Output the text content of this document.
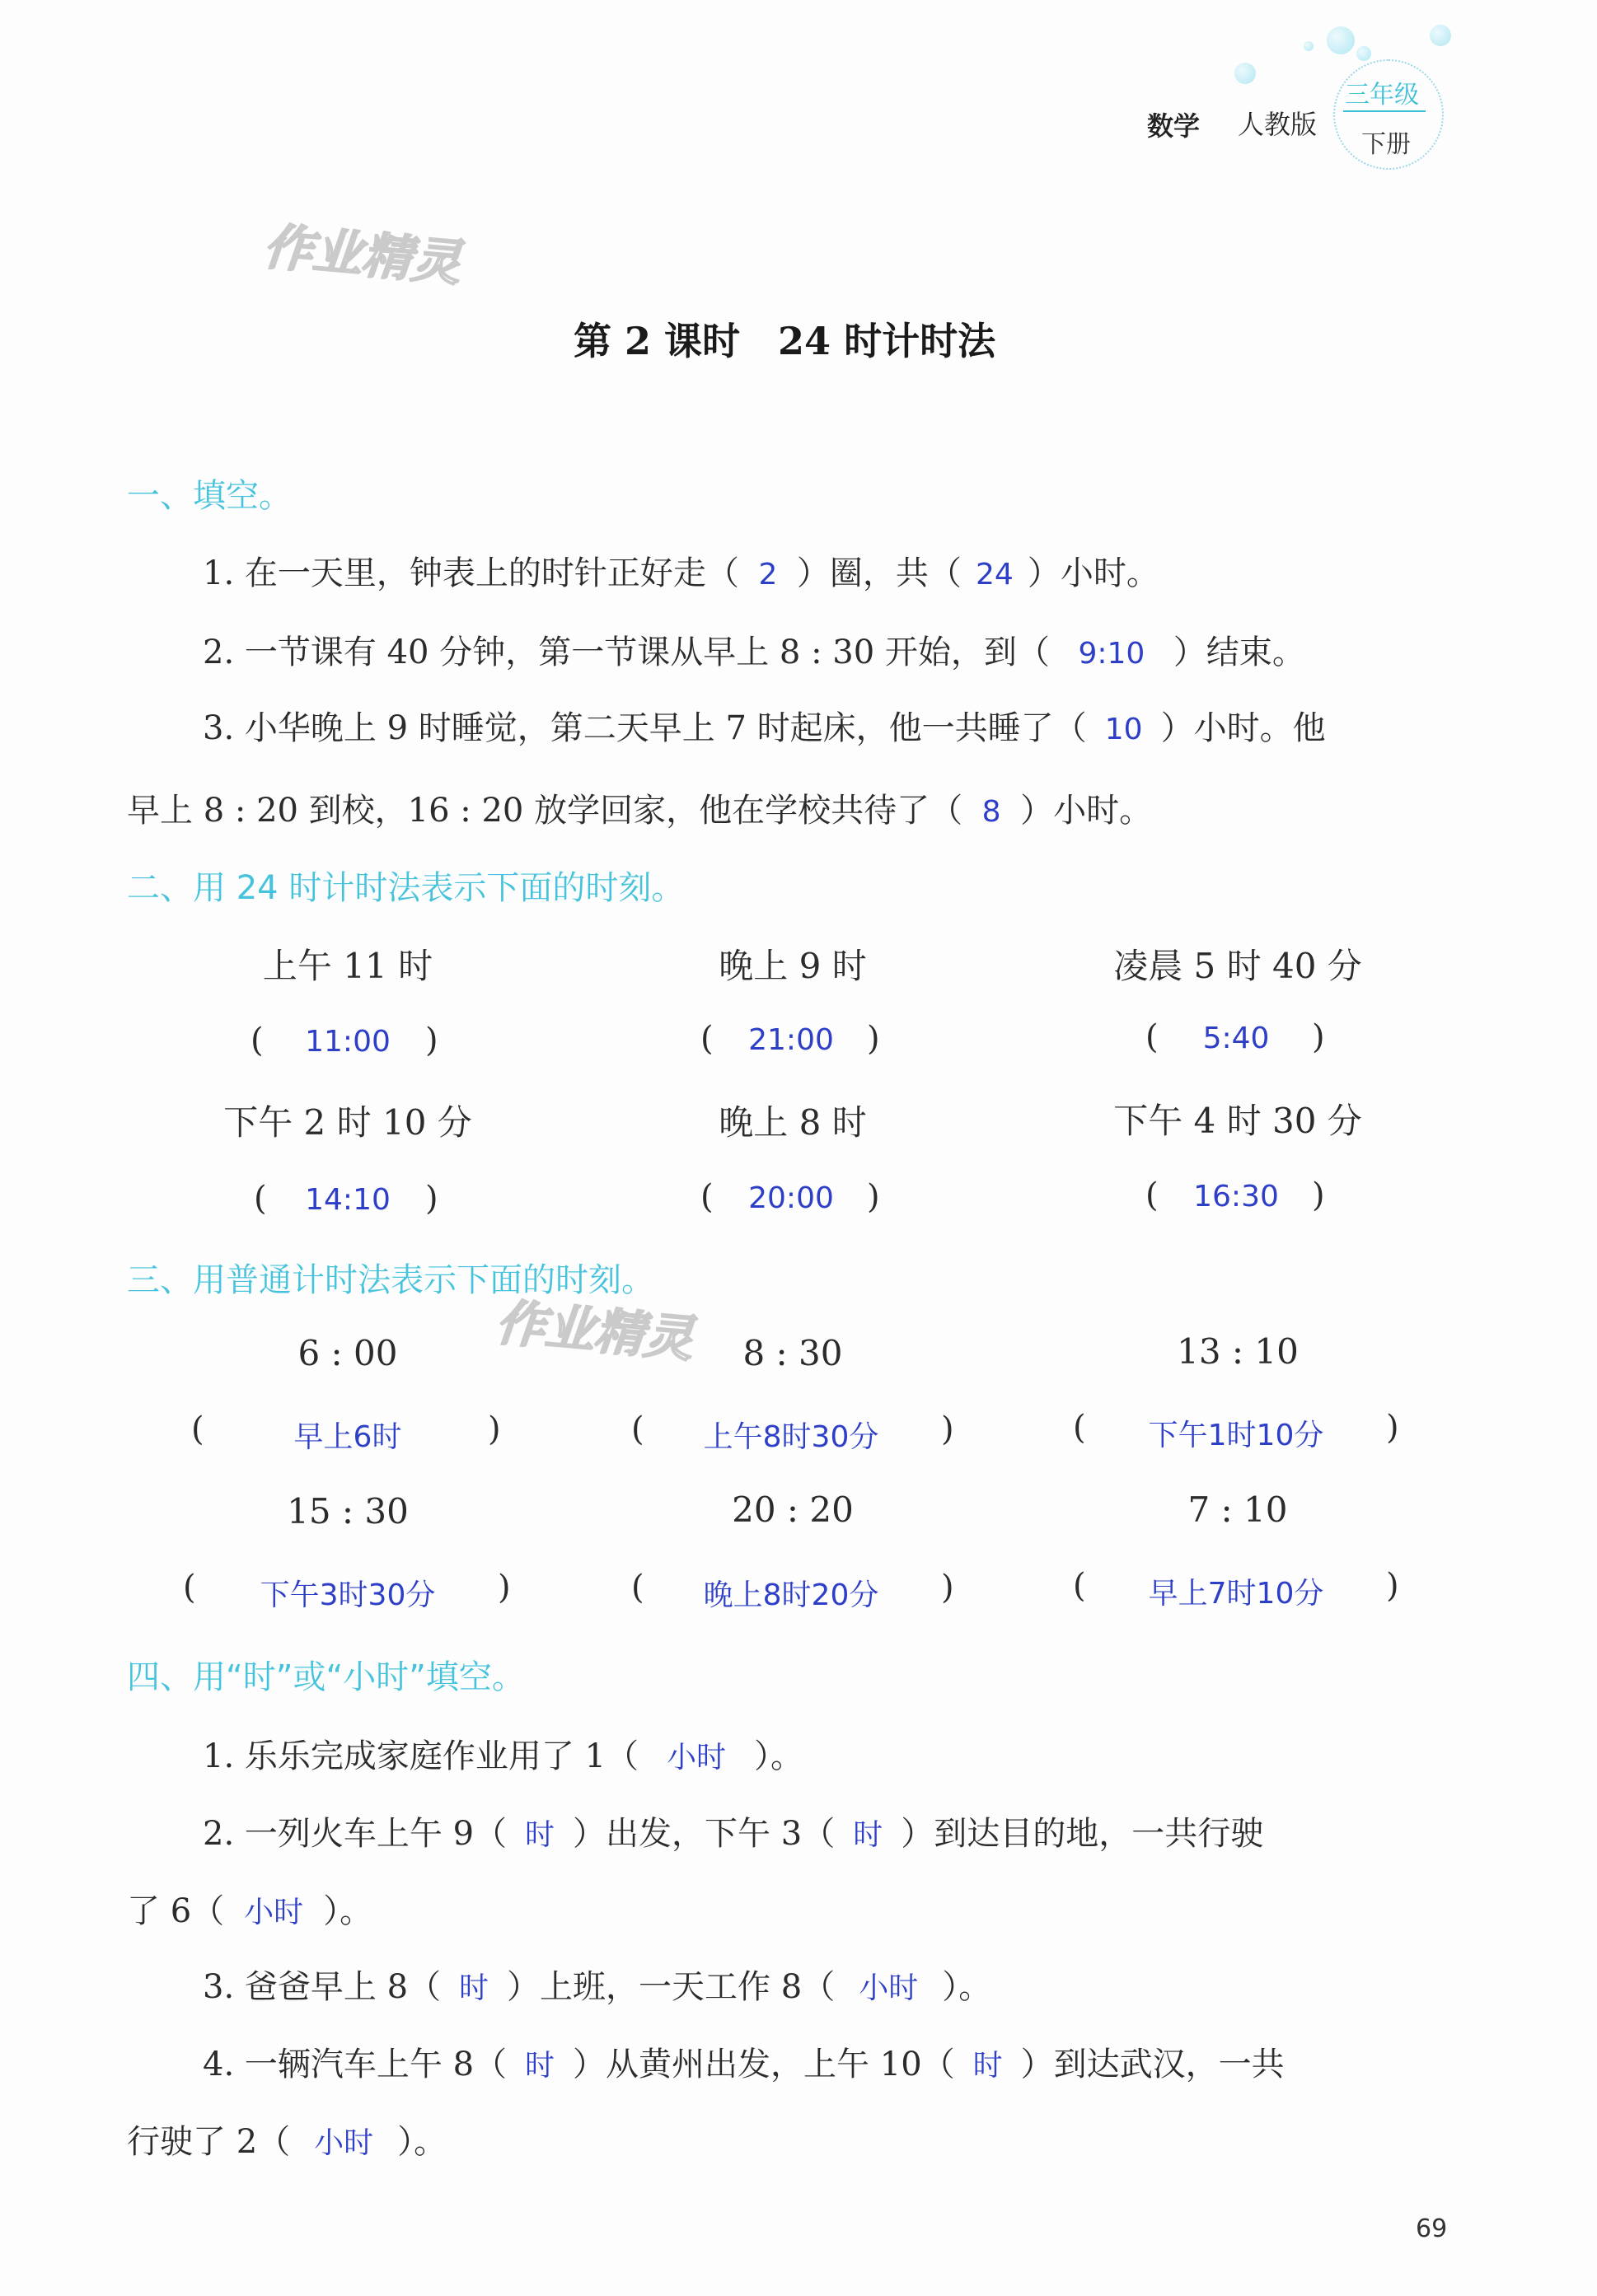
数学 人教版
三年级
下册
作业精灵
作业精灵
第 2 课时　24 时计时法
一、填空。
1. 在一天里，钟表上的时针正好走（ 2 ）圈，共（ 24 ）小时。
2. 一节课有 40 分钟，第一节课从早上 8 : 30 开始，到（ 9:10 ）结束。
3. 小华晚上 9 时睡觉，第二天早上 7 时起床，他一共睡了（ 10 ）小时。他
早上 8 : 20 到校，16 : 20 放学回家，他在学校共待了（ 8 ）小时。
二、用 24 时计时法表示下面的时刻。
上午 11 时	晚上 9 时	凌晨 5 时 40 分
(	11:00	)	(	21:00	)	(	5:40	)
下午 2 时 10 分	晚上 8 时	下午 4 时 30 分
(	14:10	)	(	20:00	)	(	16:30	)
三、用普通计时法表示下面的时刻。
6 : 00	8 : 30	13 : 10
(	早上6时	)	(	上午8时30分	)	(	下午1时10分	)
15 : 30	20 : 20	7 : 10
(	下午3时30分	)	(	晚上8时20分	)	(	早上7时10分	)
四、用“时”或“小时”填空。
1. 乐乐完成家庭作业用了 1（ 小时 ）。
2. 一列火车上午 9（ 时 ）出发，下午 3（ 时 ）到达目的地，一共行驶
了 6（ 小时 ）。
3. 爸爸早上 8（ 时 ）上班，一天工作 8（ 小时 ）。
4. 一辆汽车上午 8（ 时 ）从黄州出发，上午 10（ 时 ）到达武汉，一共
行驶了 2（ 小时 ）。
69
